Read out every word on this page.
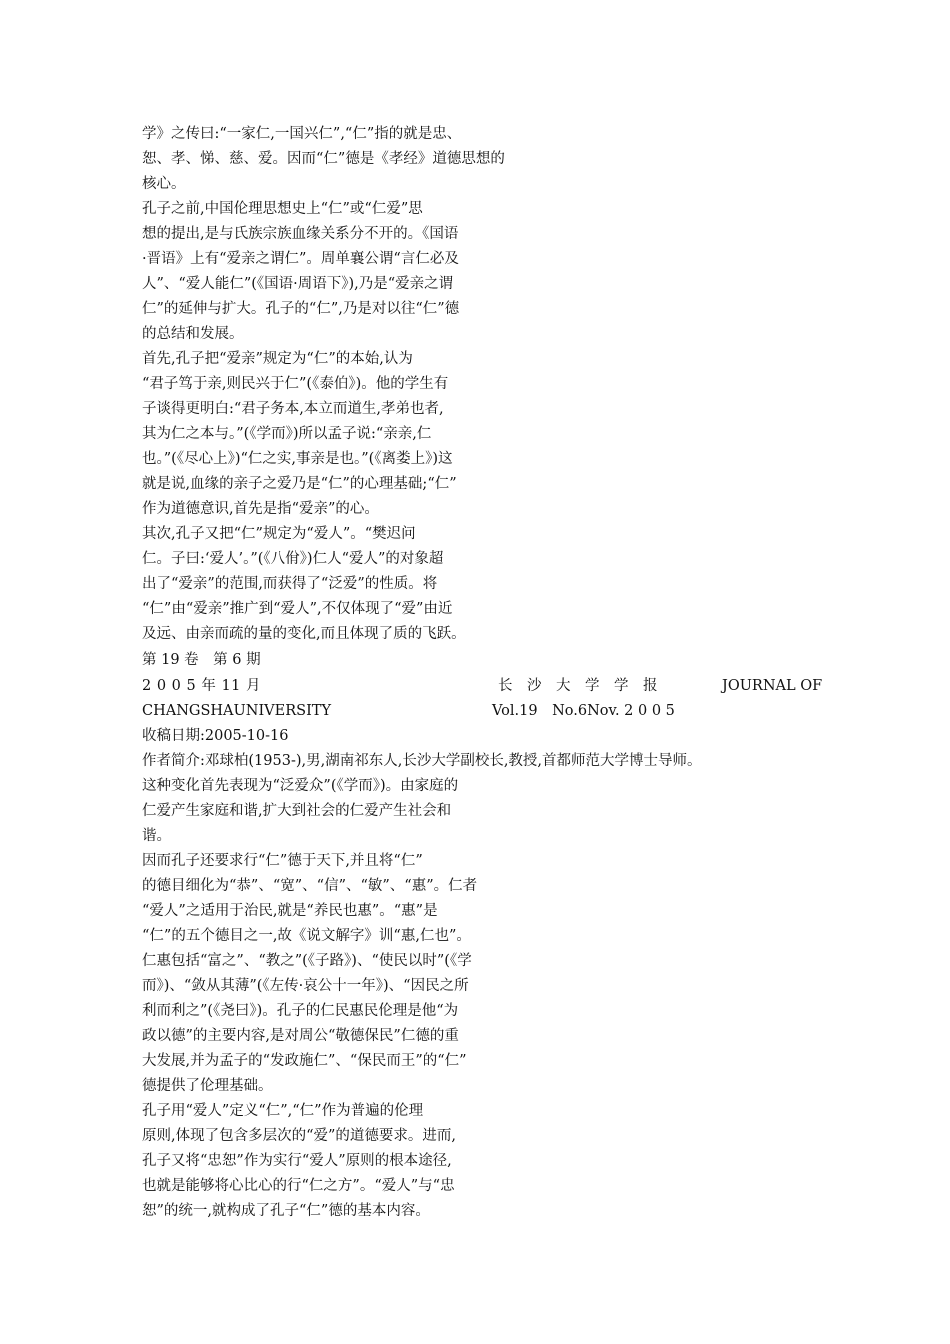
学》之传曰:“一家仁,一国兴仁”,“仁”指的就是忠、
恕、孝、悌、慈、爱。因而“仁”德是《孝经》道德思想的
核心。
孔子之前,中国伦理思想史上“仁”或“仁爱”思
想的提出,是与氏族宗族血缘关系分不开的。《国语
·晋语》上有“爱亲之谓仁”。周单襄公谓“言仁必及
人”、“爱人能仁”(《国语·周语下》),乃是“爱亲之谓
仁”的延伸与扩大。孔子的“仁”,乃是对以往“仁”德
的总结和发展。
首先,孔子把“爱亲”规定为“仁”的本始,认为
“君子笃于亲,则民兴于仁”(《泰伯》)。他的学生有
子谈得更明白:“君子务本,本立而道生,孝弟也者,
其为仁之本与。”(《学而》)所以孟子说:“亲亲,仁
也。”(《尽心上》)“仁之实,事亲是也。”(《离娄上》)这
就是说,血缘的亲子之爱乃是“仁”的心理基础;“仁”
作为道德意识,首先是指“爱亲”的心。
其次,孔子又把“仁”规定为“爱人”。“樊迟问
仁。子曰:‘爱人’。”(《八佾》)仁人“爱人”的对象超
出了“爱亲”的范围,而获得了“泛爱”的性质。将
“仁”由“爱亲”推广到“爱人”,不仅体现了“爱”由近
及远、由亲而疏的量的变化,而且体现了质的飞跃。
第 19 卷　第 6 期
2 0 0 5 年 11 月	长　沙　大　学　学　报	JOURNAL OF
CHANGSHAUNIVERSITY	Vol.19　No.6Nov. 2 0 0 5
收稿日期:2005-10-16
作者简介:邓球柏(1953-),男,湖南祁东人,长沙大学副校长,教授,首都师范大学博士导师。
这种变化首先表现为“泛爱众”(《学而》)。由家庭的
仁爱产生家庭和谐,扩大到社会的仁爱产生社会和
谐。
因而孔子还要求行“仁”德于天下,并且将“仁”
的德目细化为“恭”、“宽”、“信”、“敏”、“惠”。仁者
“爱人”之适用于治民,就是“养民也惠”。“惠”是
“仁”的五个德目之一,故《说文解字》训“惠,仁也”。
仁惠包括“富之”、“教之”(《子路》)、“使民以时”(《学
而》)、“敛从其薄”(《左传·哀公十一年》)、“因民之所
利而利之”(《尧曰》)。孔子的仁民惠民伦理是他“为
政以德”的主要内容,是对周公“敬德保民”仁德的重
大发展,并为孟子的“发政施仁”、“保民而王”的“仁”
德提供了伦理基础。
孔子用“爱人”定义“仁”,“仁”作为普遍的伦理
原则,体现了包含多层次的“爱”的道德要求。进而,
孔子又将“忠恕”作为实行“爱人”原则的根本途径,
也就是能够将心比心的行“仁之方”。“爱人”与“忠
恕”的统一,就构成了孔子“仁”德的基本内容。
